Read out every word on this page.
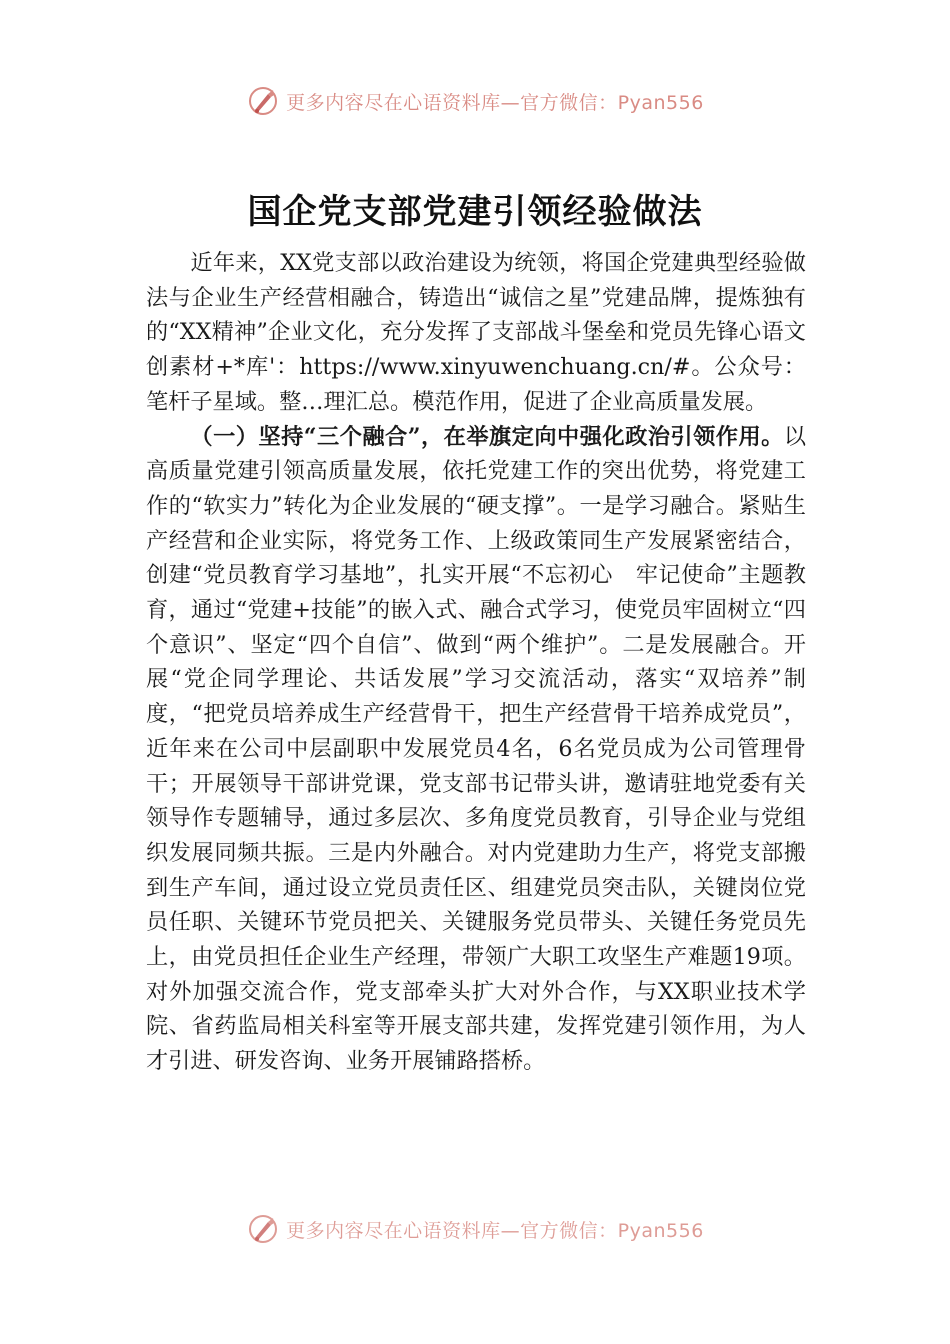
更多内容尽在心语资料库—官方微信：Pyan556
国企党支部党建引领经验做法

近年来，XX党支部以政治建设为统领，将国企党建典型经验做法与企业生产经营相融合，铸造出“诚信之星”党建品牌，提炼独有的“XX精神”企业文化，充分发挥了支部战斗堡垒和党员先锋心语文创素材+*库'：https://www.xinyuwenchuang.cn/#。公众号：笔杆子星域。整…理汇总。模范作用，促进了企业高质量发展。

（一）坚持“三个融合”，在举旗定向中强化政治引领作用。以高质量党建引领高质量发展，依托党建工作的突出优势，将党建工作的“软实力”转化为企业发展的“硬支撑”。一是学习融合。紧贴生产经营和企业实际，将党务工作、上级政策同生产发展紧密结合，创建“党员教育学习基地”，扎实开展“不忘初心　牢记使命”主题教育，通过“党建+技能”的嵌入式、融合式学习，使党员牢固树立“四个意识”、坚定“四个自信”、做到“两个维护”。二是发展融合。开展“党企同学理论、共话发展”学习交流活动，落实“双培养”制度，“把党员培养成生产经营骨干，把生产经营骨干培养成党员”，近年来在公司中层副职中发展党员4名，6名党员成为公司管理骨干；开展领导干部讲党课，党支部书记带头讲，邀请驻地党委有关领导作专题辅导，通过多层次、多角度党员教育，引导企业与党组织发展同频共振。三是内外融合。对内党建助力生产，将党支部搬到生产车间，通过设立党员责任区、组建党员突击队，关键岗位党员任职、关键环节党员把关、关键服务党员带头、关键任务党员先上，由党员担任企业生产经理，带领广大职工攻坚生产难题19项。对外加强交流合作，党支部牵头扩大对外合作，与XX职业技术学院、省药监局相关科室等开展支部共建，发挥党建引领作用，为人才引进、研发咨询、业务开展铺路搭桥。

更多内容尽在心语资料库—官方微信：Pyan556
